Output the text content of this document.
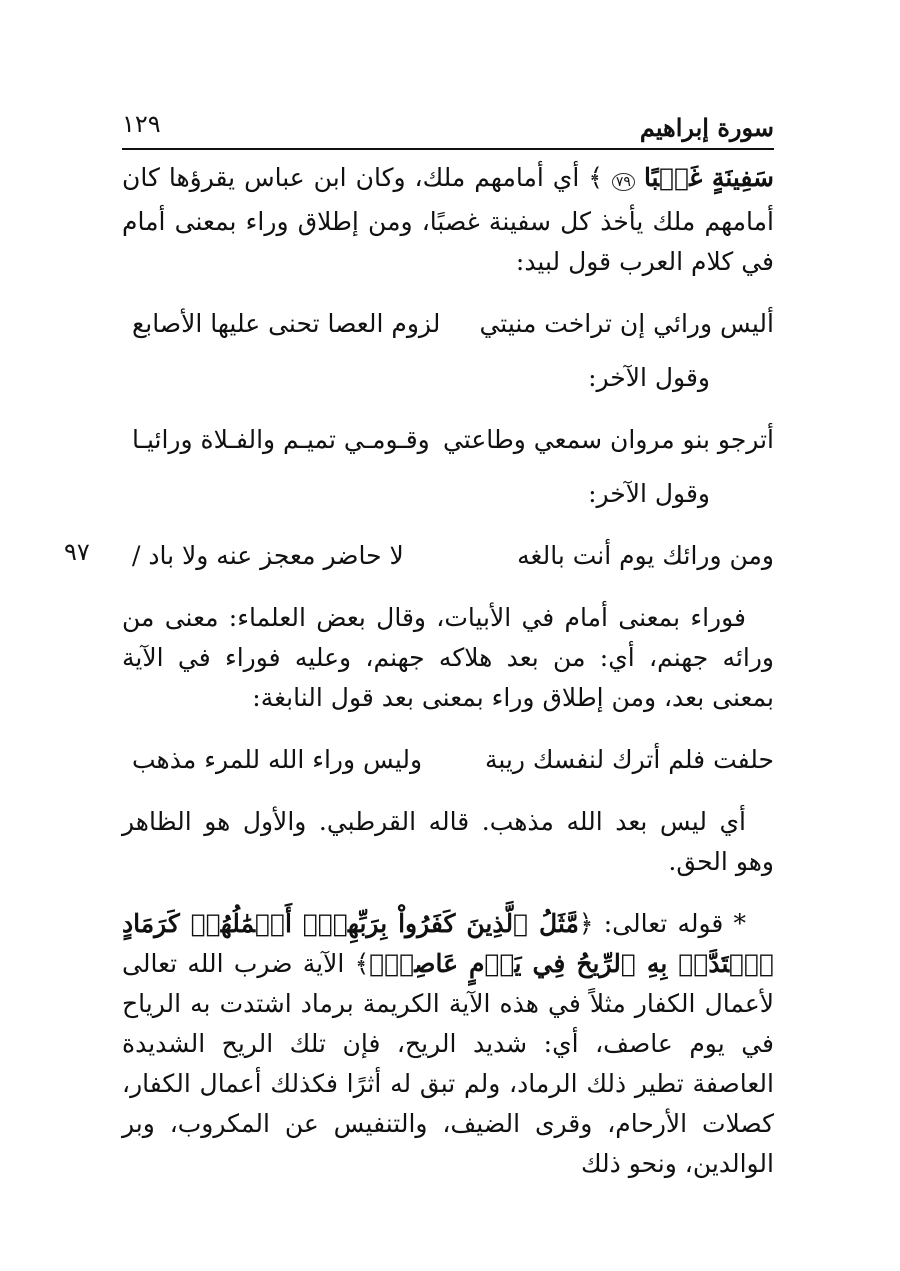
سورة إبراهيم
١٢٩
٩٧

سَفِينَةٍ غَصۡبًا ٧٩ ﴾ أي أمامهم ملك، وكان ابن عباس يقرؤها كان أمامهم ملك يأخذ كل سفينة غصبًا، ومن إطلاق وراء بمعنى أمام في كلام العرب قول لبيد:

أليس ورائي إن تراخت منيتي
لزوم العصا تحنى عليها الأصابع

وقول الآخر:

أترجو بنو مروان سمعي وطاعتي
وقـومـي تميـم والفـلاة ورائيـا

وقول الآخر:

ومن ورائك يوم أنت بالغه
لا حاضر معجز عنه ولا باد /

فوراء بمعنى أمام في الأبيات، وقال بعض العلماء: معنى من ورائه جهنم، أي: من بعد هلاكه جهنم، وعليه فوراء في الآية بمعنى بعد، ومن إطلاق وراء بمعنى بعد قول النابغة:

حلفت فلم أترك لنفسك ريبة
وليس وراء الله للمرء مذهب

أي ليس بعد الله مذهب. قاله القرطبي. والأول هو الظاهر وهو الحق.

* قوله تعالى: ﴿مَّثَلُ ٱلَّذِينَ كَفَرُواْ بِرَبِّهِمۡۖ أَعۡمَٰلُهُمۡ كَرَمَادٍ ٱشۡتَدَّتۡ بِهِ ٱلرِّيحُ فِي يَوۡمٍ عَاصِفٖۖ﴾ الآية ضرب الله تعالى لأعمال الكفار مثلاً في هذه الآية الكريمة برماد اشتدت به الرياح في يوم عاصف، أي: شديد الريح، فإن تلك الريح الشديدة العاصفة تطير ذلك الرماد، ولم تبق له أثرًا فكذلك أعمال الكفار، كصلات الأرحام، وقرى الضيف، والتنفيس عن المكروب، وبر الوالدين، ونحو ذلك
